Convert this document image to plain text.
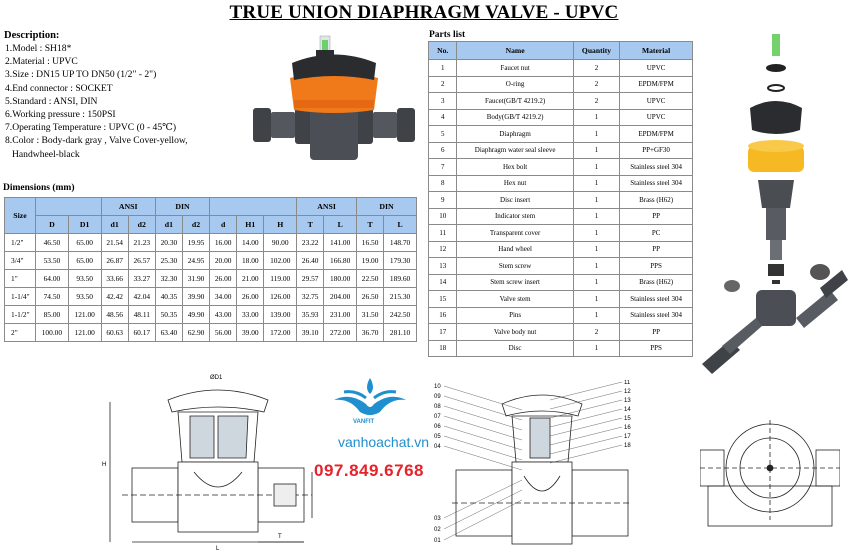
TRUE UNION DIAPHRAGM VALVE - UPVC
Description:
1.Model : SH18*
2.Material : UPVC
3.Size : DN15 UP TO DN50 (1/2" - 2")
4.End connector : SOCKET
5.Standard : ANSI, DIN
6.Working pressure : 150PSI
7.Operating Temperature : UPVC (0 - 45℃)
8.Color : Body-dark gray , Valve Cover-yellow,
Handwheel-black
Dimensions (mm)
Size			ANSI		DIN					ANSI		DIN	
	D	D1	d1	d2	d1	d2	d	H1	H	T	L	T	L
1/2"	46.50	65.00	21.54	21.23	20.30	19.95	16.00	14.00	90.00	23.22	141.00	16.50	148.70
3/4"	53.50	65.00	26.87	26.57	25.30	24.95	20.00	18.00	102.00	26.40	166.80	19.00	179.30
1"	64.00	93.50	33.66	33.27	32.30	31.90	26.00	21.00	119.00	29.57	180.00	22.50	189.60
1-1/4"	74.50	93.50	42.42	42.04	40.35	39.90	34.00	26.00	126.00	32.75	204.00	26.50	215.30
1-1/2"	85.00	121.00	48.56	48.11	50.35	49.90	43.00	33.00	139.00	35.93	231.00	31.50	242.50
2"	100.00	121.00	60.63	60.17	63.40	62.90	56.00	39.00	172.00	39.10	272.00	36.70	281.10
Parts list
No.	Name	Quantity	Material
1	Faucet nut	2	UPVC
2	O-ring	2	EPDM/FPM
3	Faucet(GB/T 4219.2)	2	UPVC
4	Body(GB/T 4219.2)	1	UPVC
5	Diaphragm	1	EPDM/FPM
6	Diaphragm water seal sleeve	1	PP+GF30
7	Hex bolt	1	Stainless steel 304
8	Hex nut	1	Stainless steel 304
9	Disc insert	1	Brass (H62)
10	Indicator stem	1	PP
11	Transparent cover	1	PC
12	Hand wheel	1	PP
13	Stem screw	1	PPS
14	Stem screw insert	1	Brass (H62)
15	Valve stem	1	Stainless steel 304
16	Pins	1	Stainless steel 304
17	Valve body nut	2	PP
18	Disc	1	PPS
ØD1
H
L
T
VANFIT
vanhoachat.vn
097.849.6768
10
09
08
07
06
05
04
03
02
01
11
12
13
14
15
16
17
18
